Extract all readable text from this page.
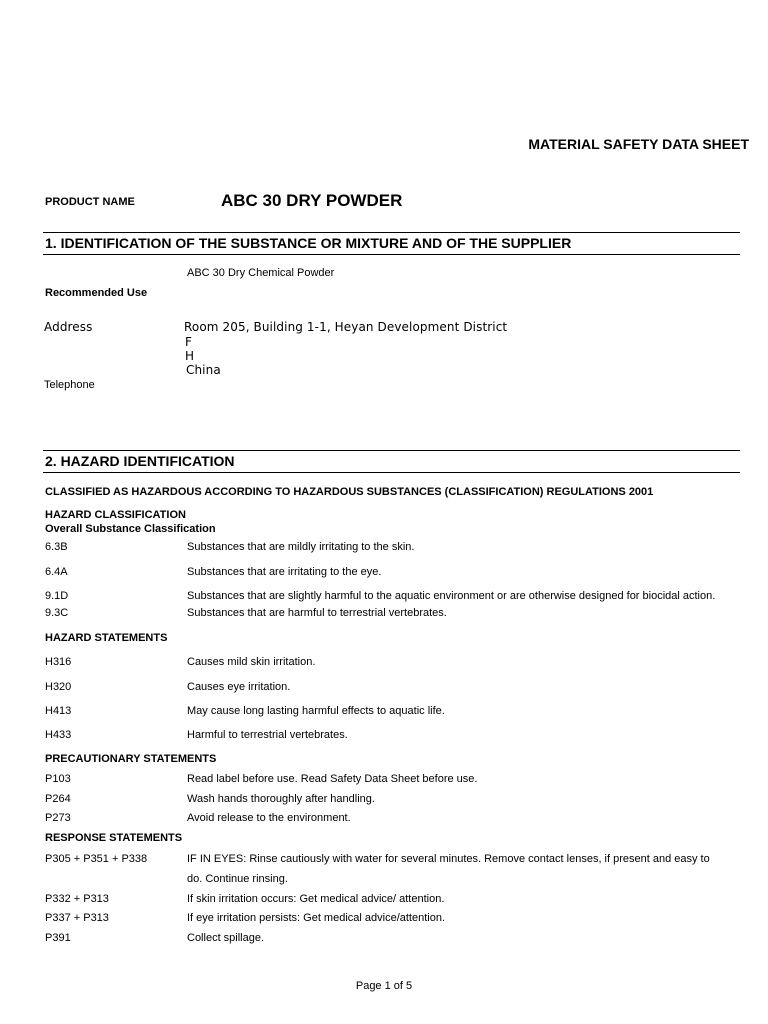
MATERIAL SAFETY DATA SHEET
PRODUCT NAME	ABC 30 DRY POWDER
1. IDENTIFICATION OF THE SUBSTANCE OR MIXTURE AND OF THE SUPPLIER
ABC 30 Dry Chemical Powder
Recommended Use
Address	Room 205, Building 1-1, Heyan Development District
F
H
China
Telephone
2. HAZARD IDENTIFICATION
CLASSIFIED AS HAZARDOUS ACCORDING TO HAZARDOUS SUBSTANCES (CLASSIFICATION) REGULATIONS 2001
HAZARD CLASSIFICATION
Overall Substance Classification
6.3B	Substances that are mildly irritating to the skin.
6.4A	Substances that are irritating to the eye.
9.1D	Substances that are slightly harmful to the aquatic environment or are otherwise designed for biocidal action.
9.3C	Substances that are harmful to terrestrial vertebrates.
HAZARD STATEMENTS
H316	Causes mild skin irritation.
H320	Causes eye irritation.
H413	May cause long lasting harmful effects to aquatic life.
H433	Harmful to terrestrial vertebrates.
PRECAUTIONARY STATEMENTS
P103	Read label before use. Read Safety Data Sheet before use.
P264	Wash hands thoroughly after handling.
P273	Avoid release to the environment.
RESPONSE STATEMENTS
P305 + P351 + P338	IF IN EYES: Rinse cautiously with water for several minutes. Remove contact lenses, if present and easy to
do. Continue rinsing.
P332 + P313	If skin irritation occurs: Get medical advice/ attention.
P337 + P313	If eye irritation persists: Get medical advice/attention.
P391	Collect spillage.
Page 1 of 5
